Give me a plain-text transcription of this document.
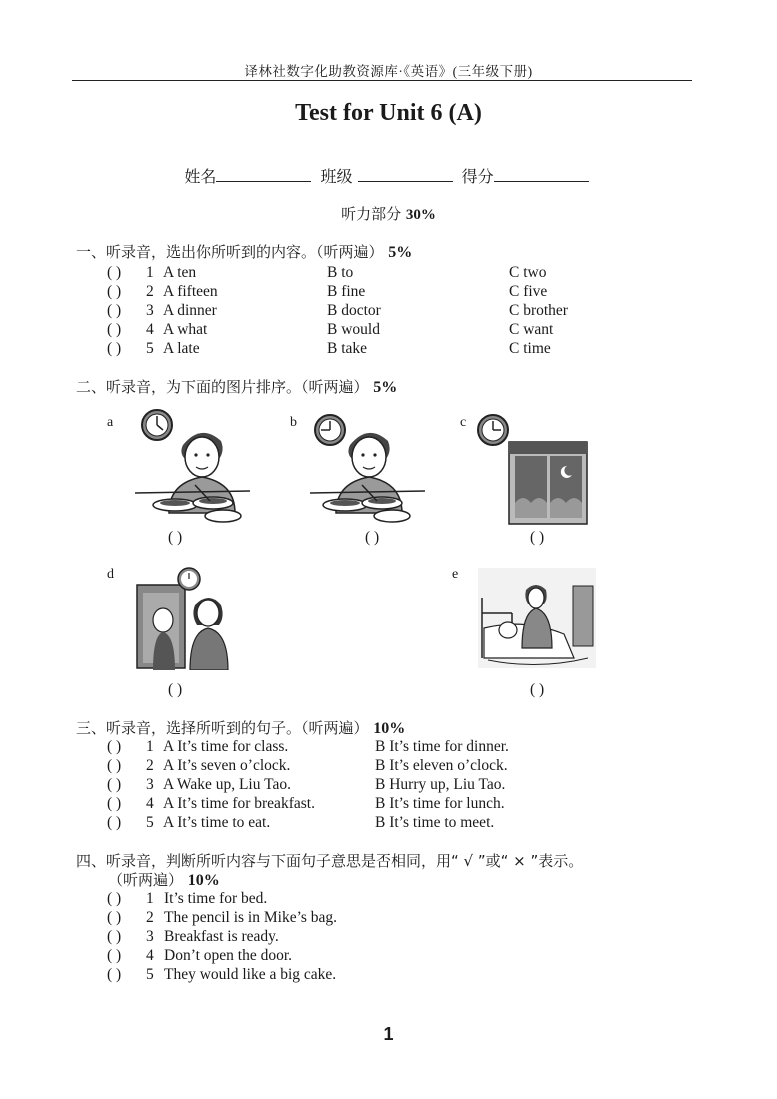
译林社数字化助教资源库·《英语》(三年级下册)
Test for Unit 6 (A)
姓名	班级	得分
听力部分 30%
一、听录音，选出你所听到的内容。（听两遍） 5%
( ) 1 A ten	B to	C two
( ) 2 A fifteen	B fine	C five
( ) 3 A dinner	B doctor	C brother
( ) 4 A what	B would	C want
( ) 5 A late	B take	C time
二、听录音，为下面的图片排序。（听两遍） 5%
a	b	c
d	e
( )	( )	( )
( )	( )
三、听录音，选择所听到的句子。（听两遍） 10%
( ) 1 A It’s time for class.	B It’s time for dinner.
( ) 2 A It’s seven o’clock.	B It’s eleven o’clock.
( ) 3 A Wake up, Liu Tao.	B Hurry up, Liu Tao.
( ) 4 A It’s time for breakfast.	B It’s time for lunch.
( ) 5 A It’s time to eat.	B It’s time to meet.
四、听录音，判断所听内容与下面句子意思是否相同，用“ √ ”或“ × ”表示。
（听两遍） 10%
( ) 1 It’s time for bed.
( ) 2 The pencil is in Mike’s bag.
( ) 3 Breakfast is ready.
( ) 4 Don’t open the door.
( ) 5 They would like a big cake.
1
